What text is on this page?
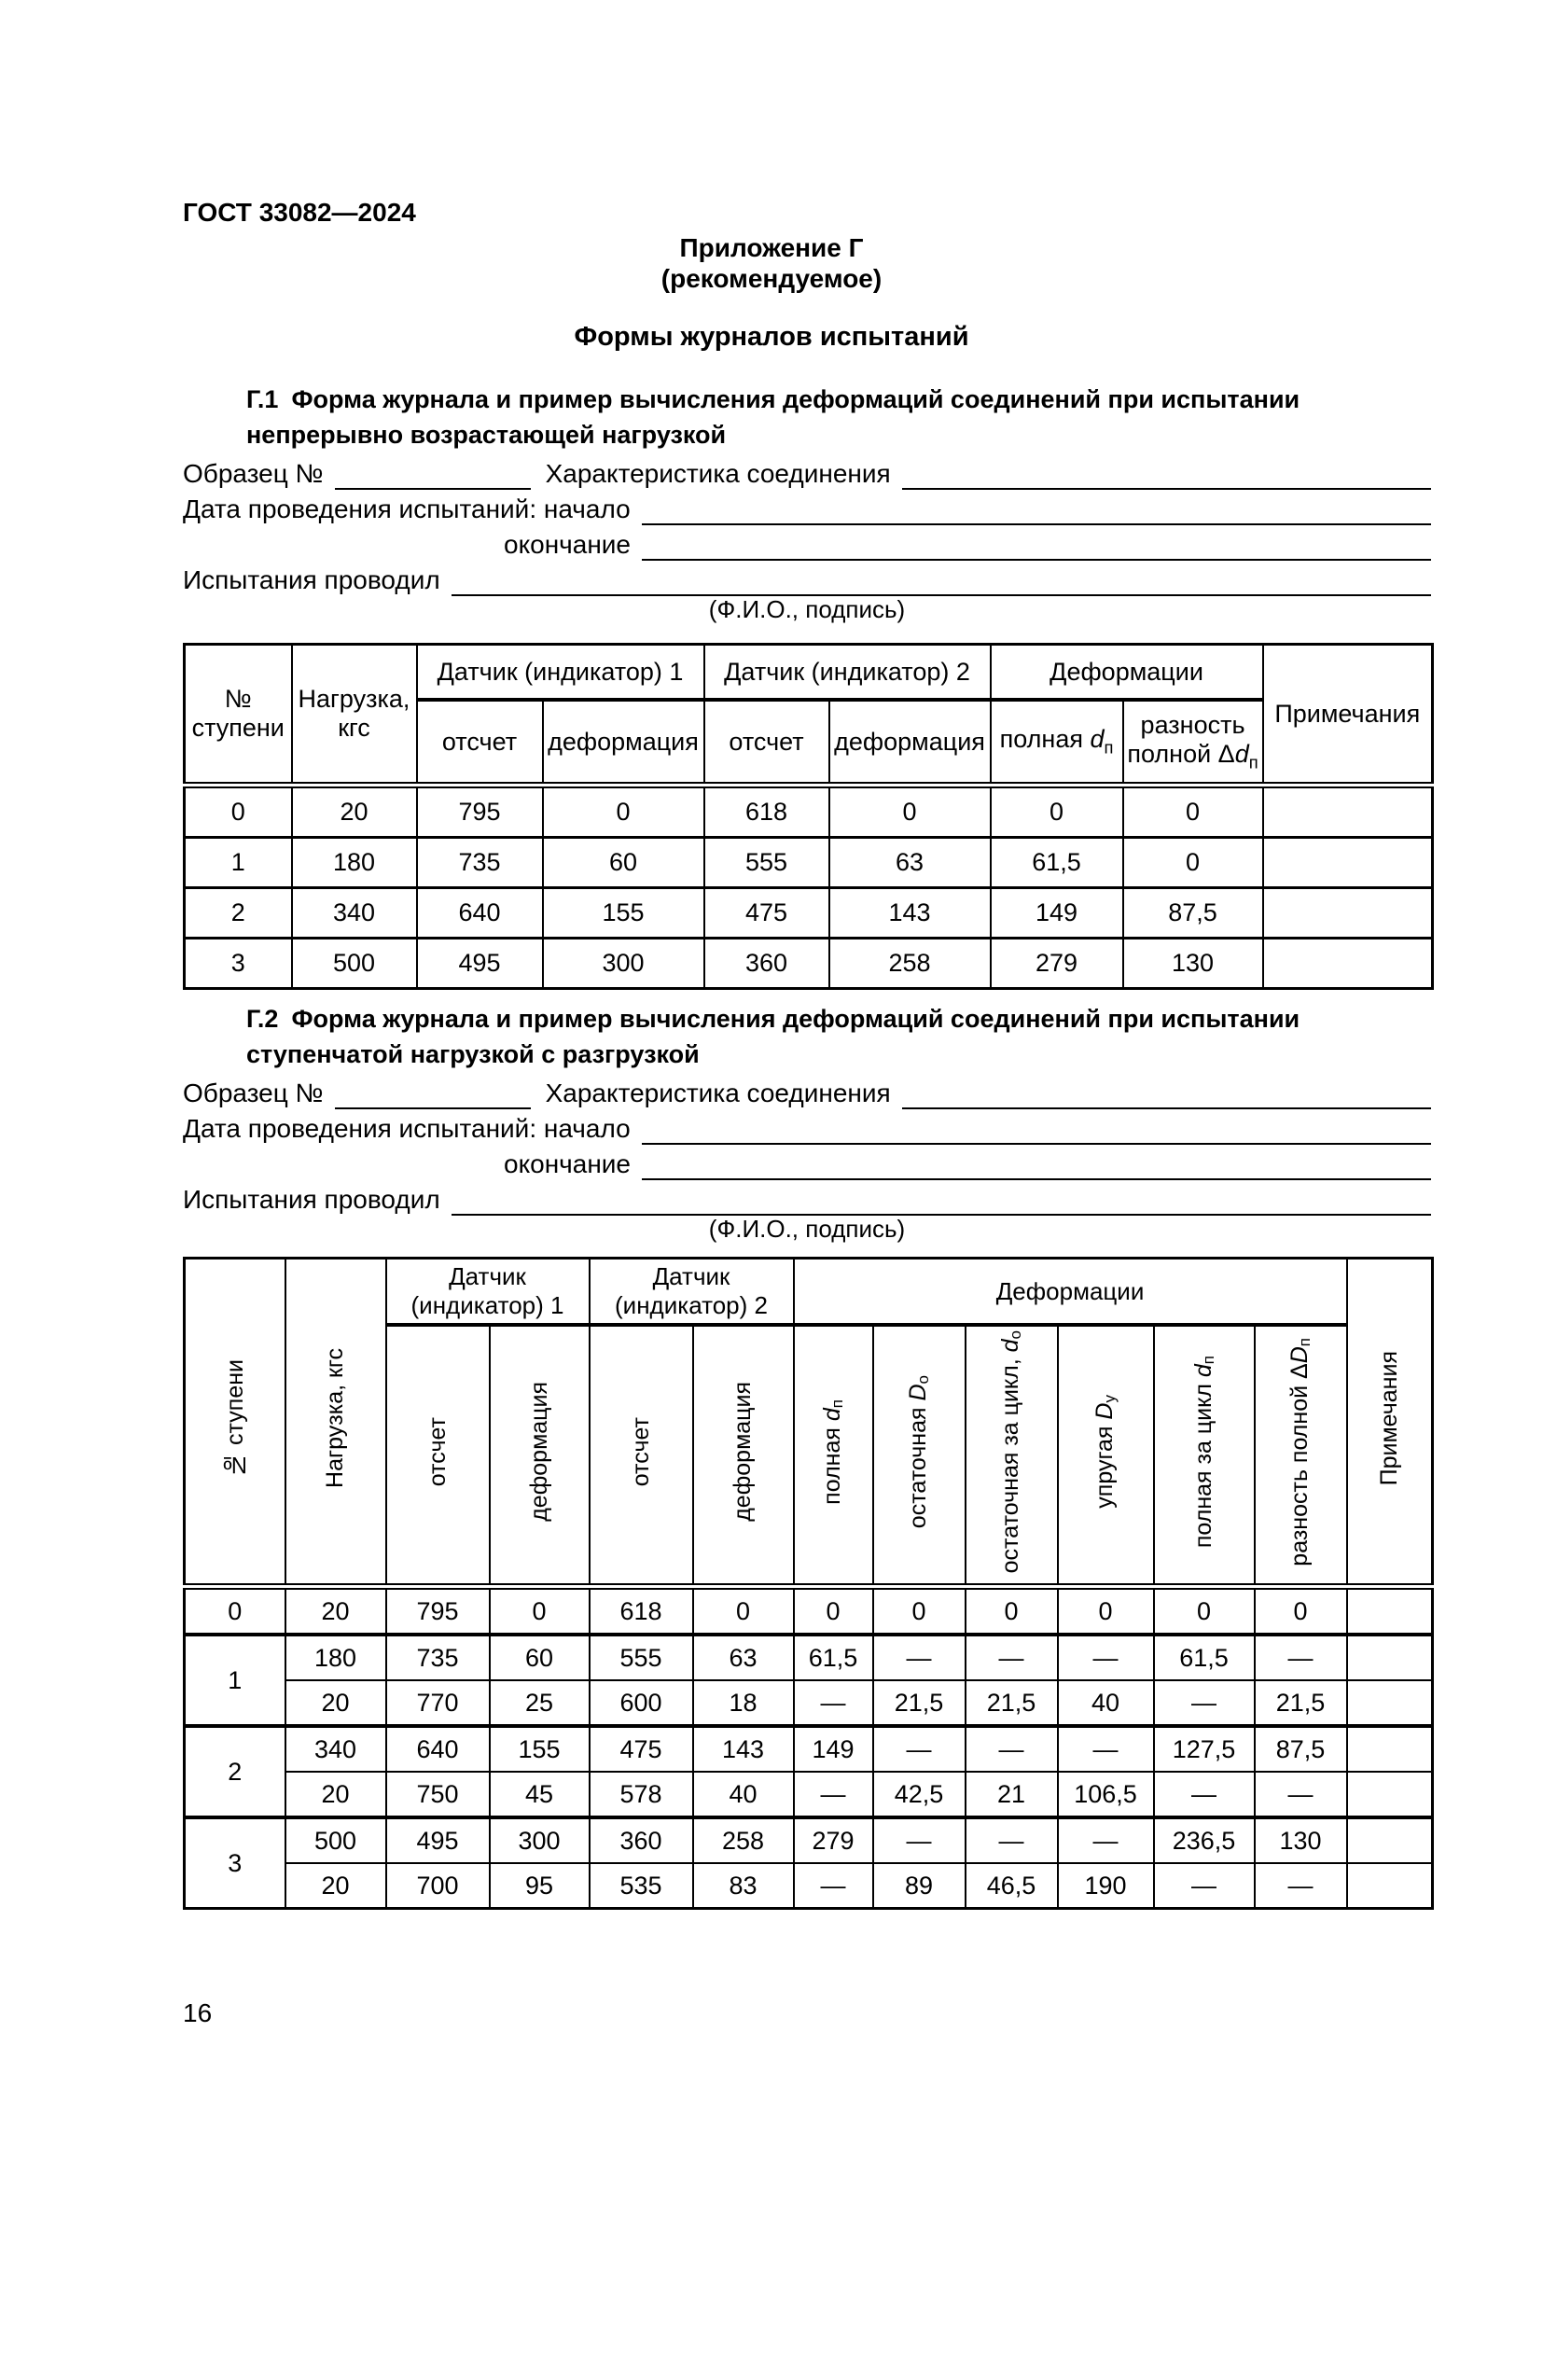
ГОСТ 33082—2024
Приложение Г
(рекомендуемое)
Формы журналов испытаний
Г.1 Форма журнала и пример вычисления деформаций соединений при испытании непрерывно возрастающей нагрузкой
Образец №	Характеристика соединения
Дата проведения испытаний: начало
окончание
Испытания проводил
(Ф.И.О., подпись)
№ ступени	Нагрузка, кгс	Датчик (индикатор) 1		Датчик (индикатор) 2		Деформации		Примечания
		отсчет	деформация	отсчет	деформация	полная $d_п$	разность полной $\Delta d_п$
0	20	795	0	618	0	0	0	
1	180	735	60	555	63	61,5	0	
2	340	640	155	475	143	149	87,5	
3	500	495	300	360	258	279	130	
Г.2 Форма журнала и пример вычисления деформаций соединений при испытании ступенчатой нагрузкой с разгрузкой
Образец №	Характеристика соединения
Дата проведения испытаний: начало
окончание
Испытания проводил
(Ф.И.О., подпись)
№ ступени	Нагрузка, кгс	Датчик (индикатор) 1		Датчик (индикатор) 2		Деформации						Примечания
		отсчет	деформация	отсчет	деформация	полная $d_п$	остаточная $D_о$	остаточная за цикл, $d_о$	упругая $D_у$	полная за цикл $d_п$	разность полной $\Delta D_п$
0	20	795	0	618	0	0	0	0	0	0	0	
1	180	735	60	555	63	61,5	—	—	—	61,5	—	
	20	770	25	600	18	—	21,5	21,5	40	—	21,5	
2	340	640	155	475	143	149	—	—	—	127,5	87,5	
	20	750	45	578	40	—	42,5	21	106,5	—	—	
3	500	495	300	360	258	279	—	—	—	236,5	130	
	20	700	95	535	83	—	89	46,5	190	—	—	
16
